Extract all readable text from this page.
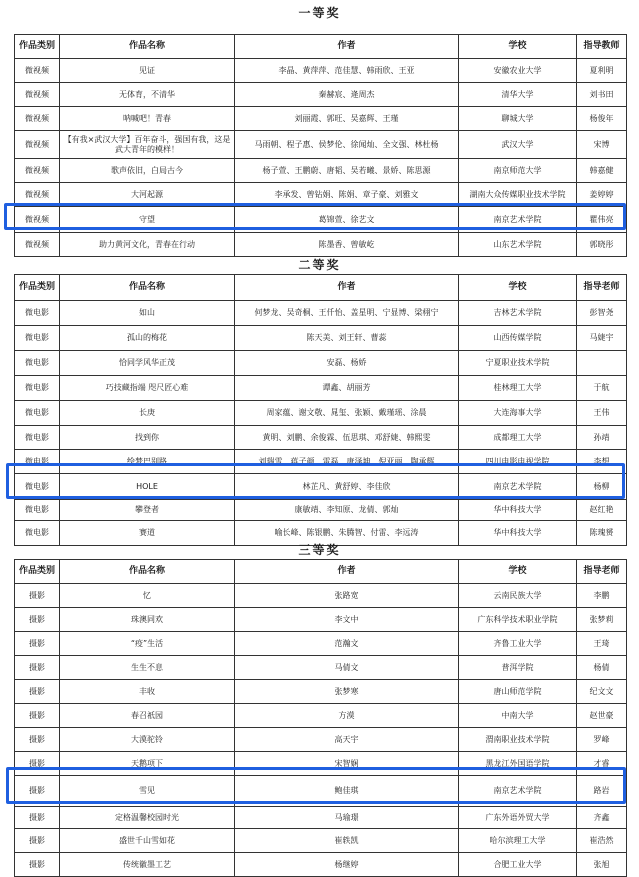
一等奖
作品类别	作品名称	作者	学校	指导教师
微视频	见证	李晶、黄萍萍、范佳慧、韩雨欣、王亚	安徽农业大学	夏利明
微视频	无体育，不清华	秦赫宸、逄周杰	清华大学	刘书田
微视频	呐喊吧！青春	刘丽霞、郭旺、吴嘉辉、王瑾	聊城大学	杨俊年
微视频	【有我×武汉大学】百年奋斗，强国有我，这是武大青年的模样！	马雨朝、程子惠、侯梦伦、徐闻灿、全文强、林杜杨	武汉大学	宋博
微视频	歌声依旧，白局古今	杨子萱、王鹏蔚、唐韬、吴若曦、景娇、陈思源	南京师范大学	韩嘉健
微视频	大河起源	李承发、曾钻娟、陈娟、章子豪、刘雅文	湖南大众传媒职业技术学院	姜婷婷
微视频	守望	葛锦萱、徐艺文	南京艺术学院	瞿伟亮
微视频	助力黄河文化，青春在行动	陈墨香、曾敏屹	山东艺术学院	郭晓彤
二等奖
作品类别	作品名称	作者	学校	指导老师
微电影	如山	何梦龙、吴奇桐、王仟怡、盖星明、宁显博、梁栩宁	吉林艺术学院	彭智尧
微电影	孤山的梅花	陈天美、刘王轩、曹蕊	山西传媒学院	马婕宇
微电影	恰同学风华正茂	安磊、杨娇	宁夏职业技术学院	
微电影	巧技藏指端 咫尺匠心难	谭鑫、胡丽芳	桂林理工大学	于航
微电影	长庚	周家蕴、谢文敬、晁玺、张颖、戴瑾瑶、涂晨	大连海事大学	王伟
微电影	找到你	黄明、刘鹏、余俊霖、伍思琪、邓舒婕、韩熙雯	成都理工大学	孙靖
微电影	绘梦巴别路	刘瑞雪、蒋子颜、雷磊、唐泽坤、倪亚丽、陶承辉	四川电影电视学院	李想
微电影	HOLE	林芷凡、黄舒婷、李佳欣	南京艺术学院	杨柳
微电影	攀登者	康敏靖、李知原、龙倩、郭灿	华中科技大学	赵红艳
微电影	赛道	喻长峰、陈银鹏、朱腾智、付雷、李远涛	华中科技大学	陈瑰赟
三等奖
作品类别	作品名称	作者	学校	指导老师
摄影	忆	张路宽	云南民族大学	李鹏
摄影	珠澳同欢	李文中	广东科学技术职业学院	张梦莉
摄影	“疫”生活	范瀚文	齐鲁工业大学	王琦
摄影	生生不息	马倩文	普洱学院	杨倩
摄影	丰收	张梦寒	唐山师范学院	纪文文
摄影	春召祇园	方漠	中南大学	赵世豪
摄影	大漠驼铃	高天宇	渭南职业技术学院	罗峰
摄影	天鹅项下	宋智娴	黑龙江外国语学院	才睿
摄影	雪见	鲍佳琪	南京艺术学院	路岩
摄影	定格温馨校园时光	马瑜璟	广东外语外贸大学	齐鑫
摄影	盛世千山雪如花	崔轶凯	哈尔滨理工大学	崔浩然
摄影	传统徽墨工艺	杨继婷	合肥工业大学	张旭
